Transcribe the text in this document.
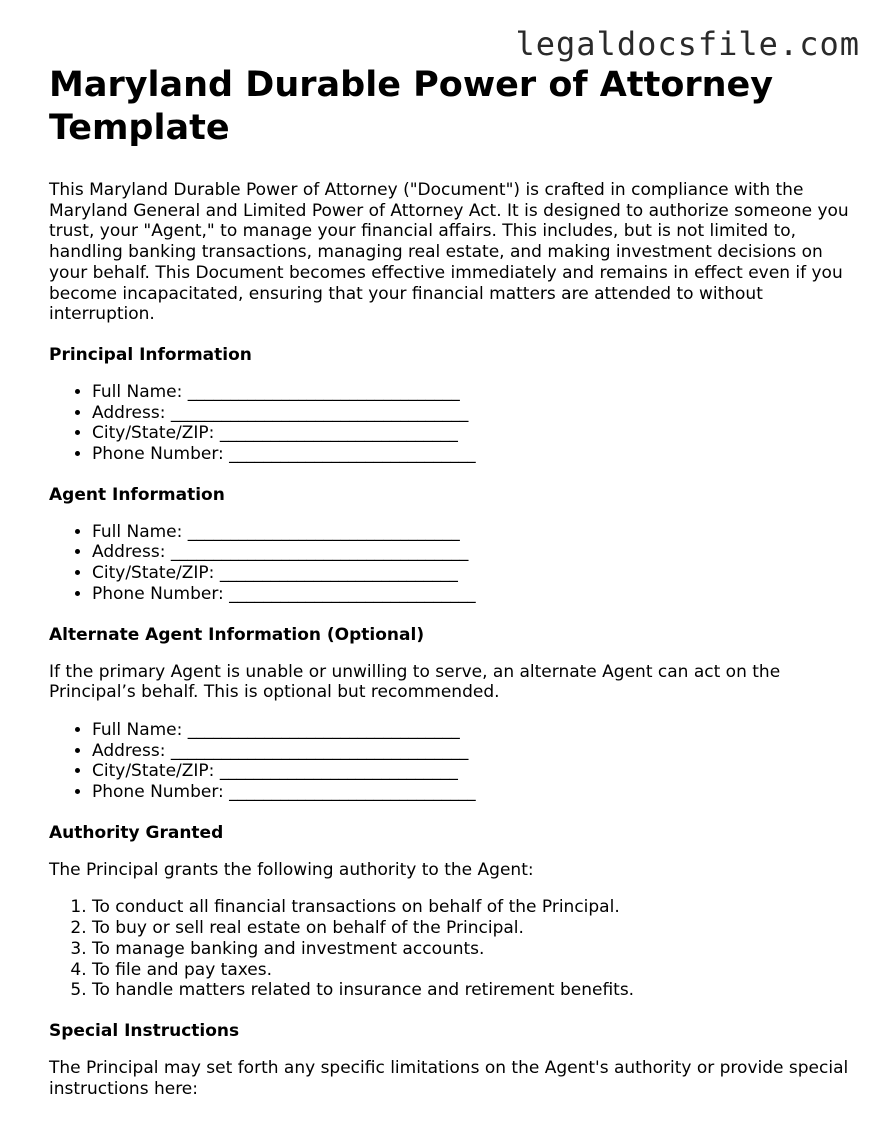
legaldocsfile.com
Maryland Durable Power of Attorney Template

This Maryland Durable Power of Attorney ("Document") is crafted in compliance with the Maryland General and Limited Power of Attorney Act. It is designed to authorize someone you trust, your "Agent," to manage your financial affairs. This includes, but is not limited to, handling banking transactions, managing real estate, and making investment decisions on your behalf. This Document becomes effective immediately and remains in effect even if you become incapacitated, ensuring that your financial matters are attended to without interruption.

Principal Information
• Full Name: ________________________________
• Address: ___________________________________
• City/State/ZIP: ____________________________
• Phone Number: _____________________________
Agent Information
• Full Name: ________________________________
• Address: ___________________________________
• City/State/ZIP: ____________________________
• Phone Number: _____________________________
Alternate Agent Information (Optional)

If the primary Agent is unable or unwilling to serve, an alternate Agent can act on the Principal’s behalf. This is optional but recommended.

• Full Name: ________________________________
• Address: ___________________________________
• City/State/ZIP: ____________________________
• Phone Number: _____________________________
Authority Granted

The Principal grants the following authority to the Agent:

1. To conduct all financial transactions on behalf of the Principal.
2. To buy or sell real estate on behalf of the Principal.
3. To manage banking and investment accounts.
4. To file and pay taxes.
5. To handle matters related to insurance and retirement benefits.
Special Instructions

The Principal may set forth any specific limitations on the Agent's authority or provide special instructions here:
